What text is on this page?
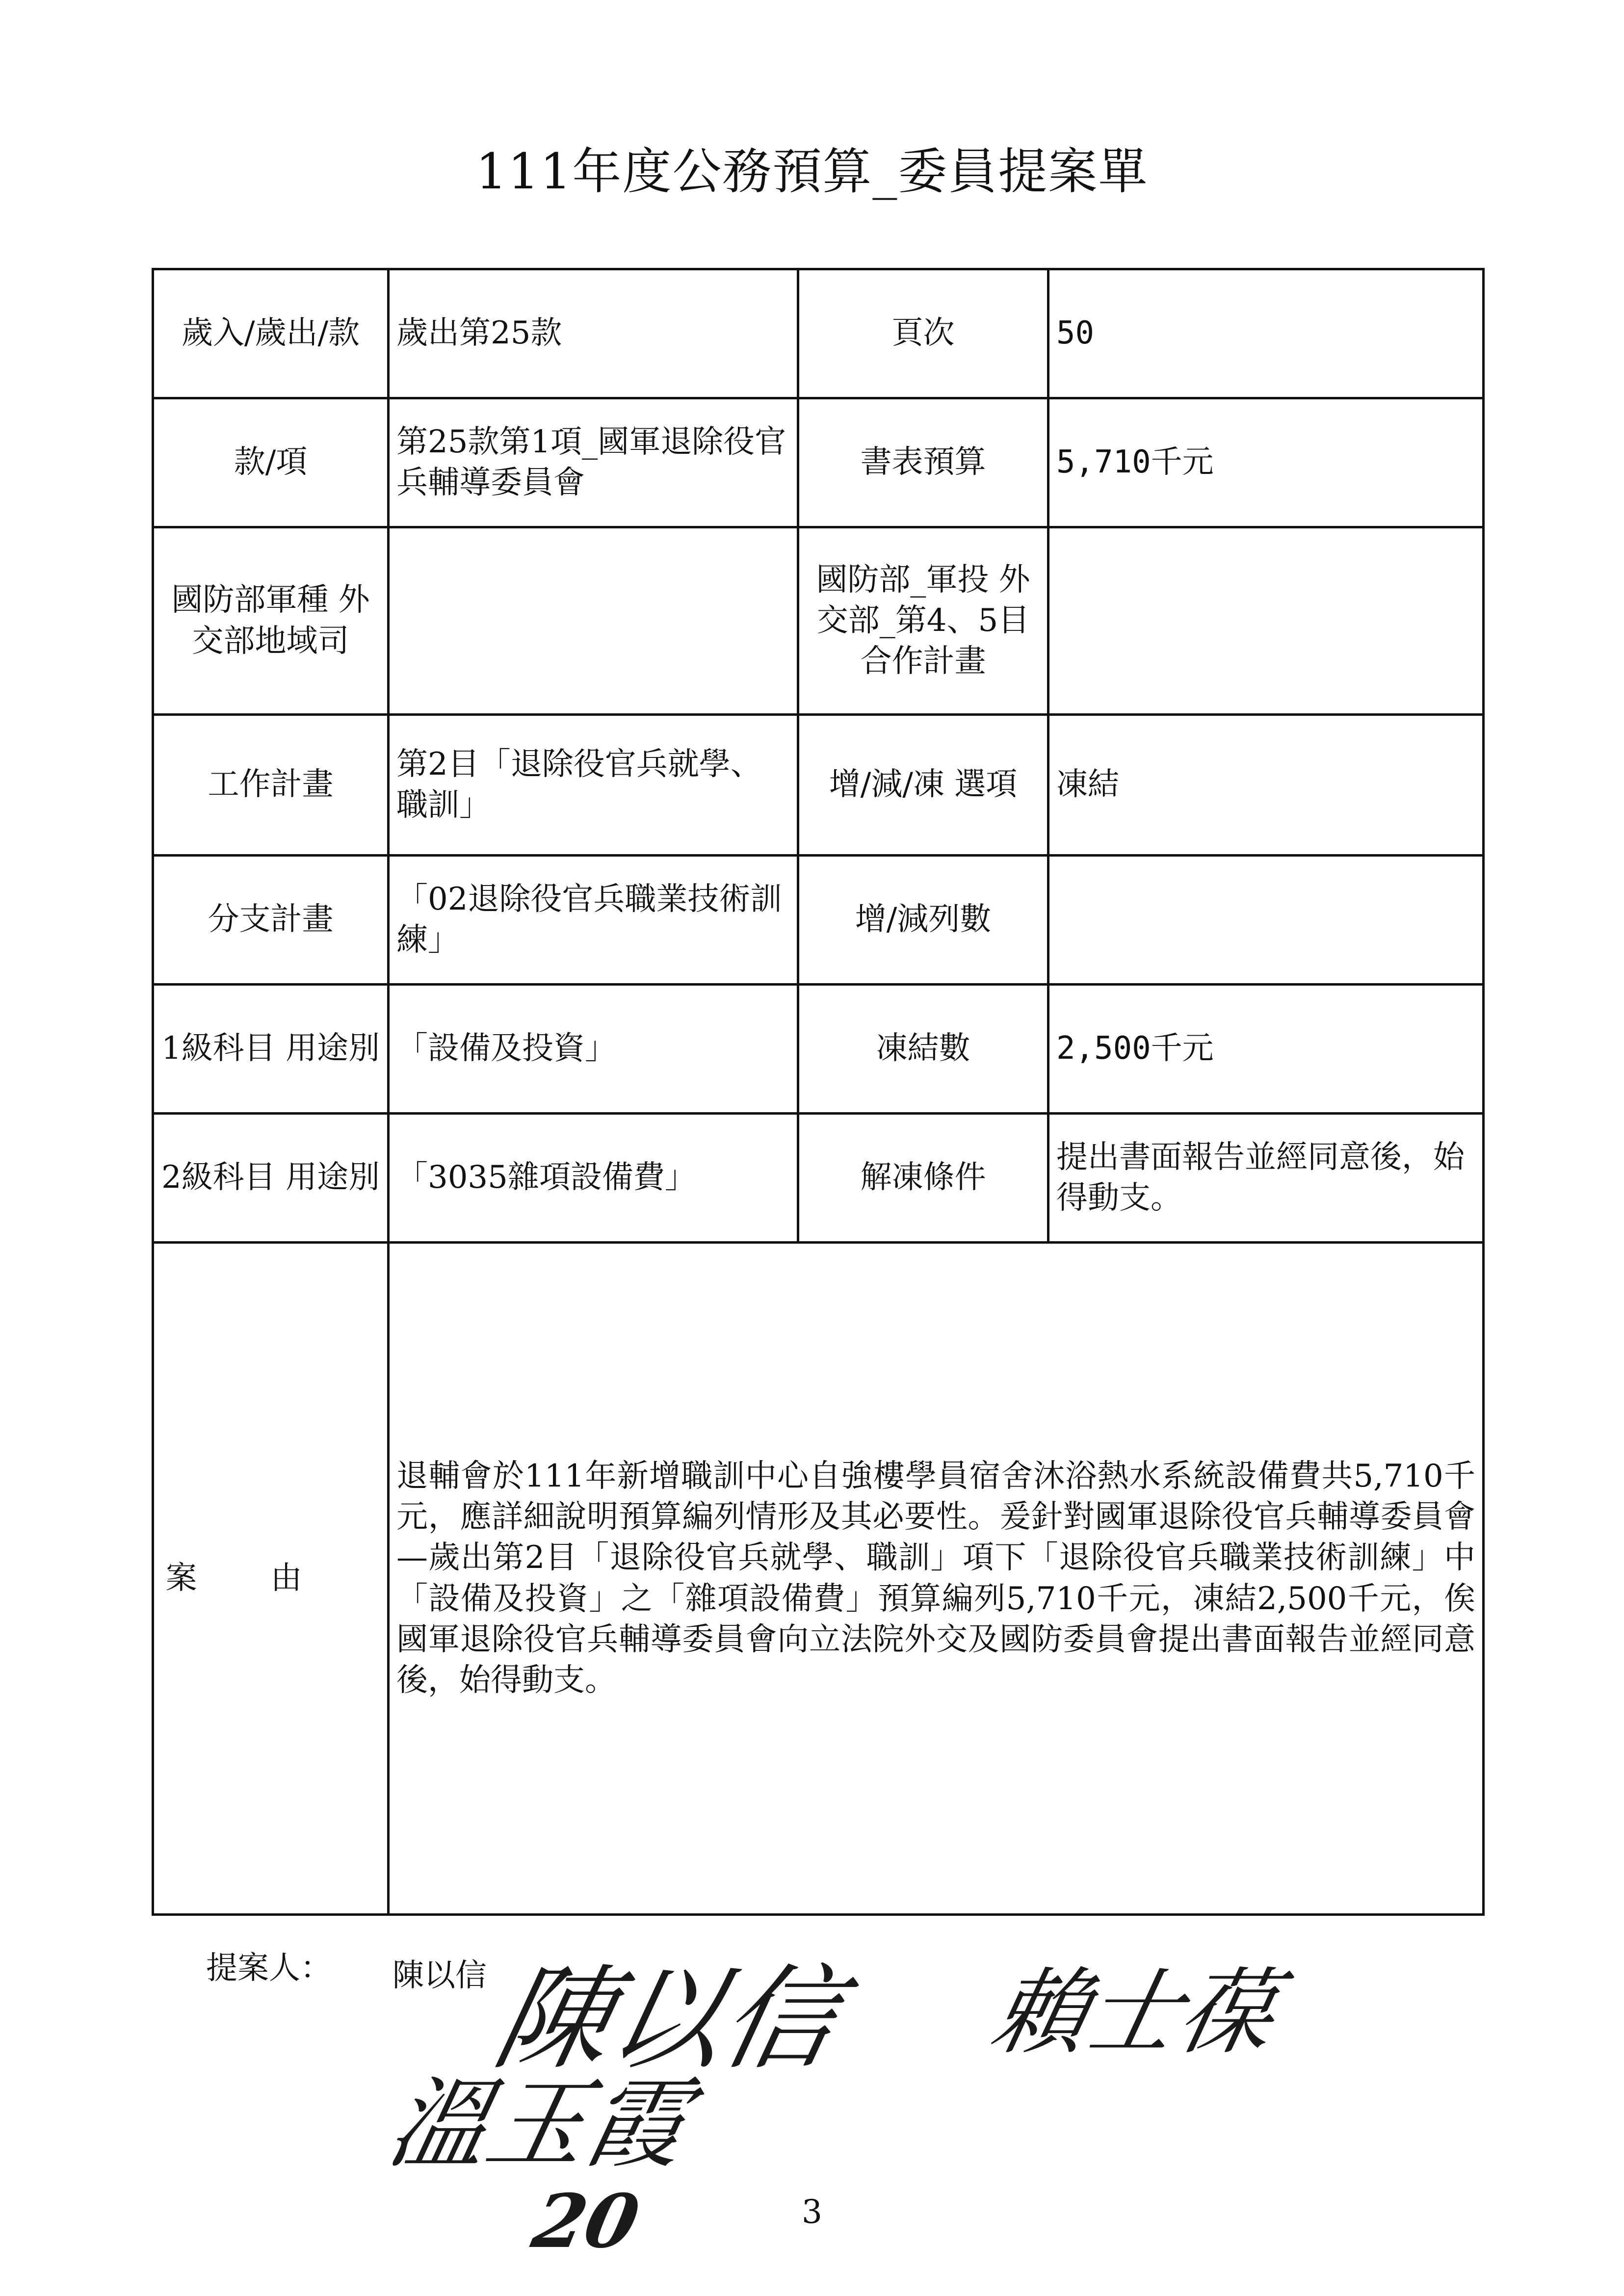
111年度公務預算_委員提案單
歲入/歲出/款	歲出第25款	頁次	50
款/項	第25款第1項_國軍退除役官兵輔導委員會	書表預算	5,710千元
國防部軍種 外交部地域司		國防部_軍投 外交部_第4、5目合作計畫	
工作計畫	第2目「退除役官兵就學、職訓」	增/減/凍 選項	凍結
分支計畫	「02退除役官兵職業技術訓練」	增/減列數	
1級科目 用途別	「設備及投資」	凍結數	2,500千元
2級科目 用途別	「3035雜項設備費」	解凍條件	提出書面報告並經同意後，始得動支。
案由	退輔會於111年新增職訓中心自強樓學員宿舍沐浴熱水系統設備費共5,710千元，應詳細說明預算編列情形及其必要性。爰針對國軍退除役官兵輔導委員會—歲出第2目「退除役官兵就學、職訓」項下「退除役官兵職業技術訓練」中「設備及投資」之「雜項設備費」預算編列5,710千元，凍結2,500千元，俟國軍退除役官兵輔導委員會向立法院外交及國防委員會提出書面報告並經同意後，始得動支。		
提案人： 陳以信
陳以信 賴士葆
溫玉霞
20	3
